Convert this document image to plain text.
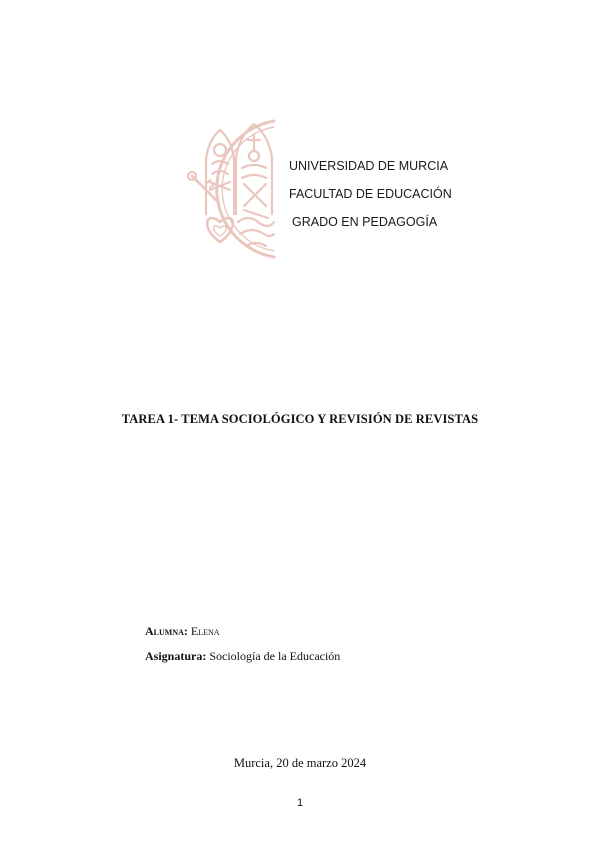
UNIVERSIDAD DE MURCIA
FACULTAD DE EDUCACIÓN
GRADO EN PEDAGOGÍA
TAREA 1- TEMA SOCIOLÓGICO Y REVISIÓN DE REVISTAS
Alumna: Elena
Asignatura: Sociología de la Educación
Murcia, 20 de marzo 2024
1
